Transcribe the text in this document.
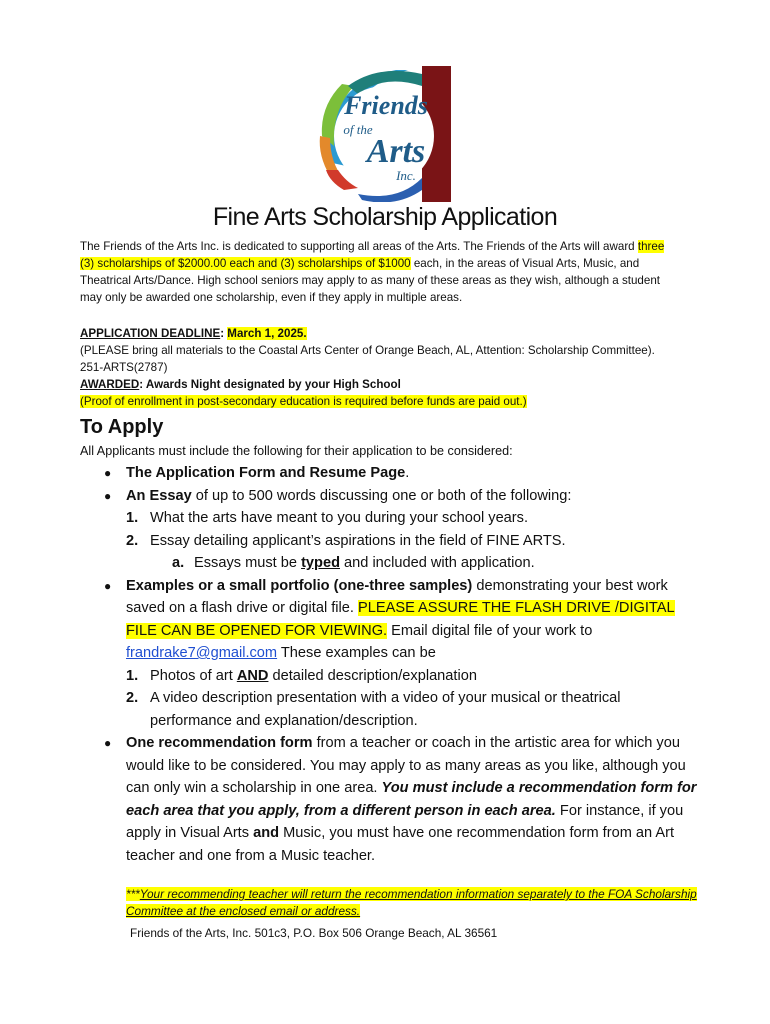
Friends
of the
Arts
Inc.
Fine Arts Scholarship Application
The Friends of the Arts Inc. is dedicated to supporting all areas of the Arts. The Friends of the Arts will award three (3) scholarships of $2000.00 each and (3) scholarships of $1000 each, in the areas of Visual Arts, Music, and Theatrical Arts/Dance. High school seniors may apply to as many of these areas as they wish, although a student may only be awarded one scholarship, even if they apply in multiple areas.
APPLICATION DEADLINE: March 1, 2025.
(PLEASE bring all materials to the Coastal Arts Center of Orange Beach, AL, Attention: Scholarship Committee). 251-ARTS(2787)
AWARDED: Awards Night designated by your High School
(Proof of enrollment in post-secondary education is required before funds are paid out.)
To Apply
All Applicants must include the following for their application to be considered:
● The Application Form and Resume Page.
● An Essay of up to 500 words discussing one or both of the following:
1. What the arts have meant to you during your school years.
2. Essay detailing applicant’s aspirations in the field of FINE ARTS.
a. Essays must be typed and included with application.
● Examples or a small portfolio (one-three samples) demonstrating your best work saved on a flash drive or digital file. PLEASE ASSURE THE FLASH DRIVE /DIGITAL FILE CAN BE OPENED FOR VIEWING. Email digital file of your work to frandrake7@gmail.com These examples can be
1. Photos of art AND detailed description/explanation
2. A video description presentation with a video of your musical or theatrical performance and explanation/description.
● One recommendation form from a teacher or coach in the artistic area for which you would like to be considered. You may apply to as many areas as you like, although you can only win a scholarship in one area. You must include a recommendation form for each area that you apply, from a different person in each area. For instance, if you apply in Visual Arts and Music, you must have one recommendation form from an Art teacher and one from a Music teacher.
***Your recommending teacher will return the recommendation information separately to the FOA Scholarship Committee at the enclosed email or address.
Friends of the Arts, Inc. 501c3, P.O. Box 506 Orange Beach, AL 36561
